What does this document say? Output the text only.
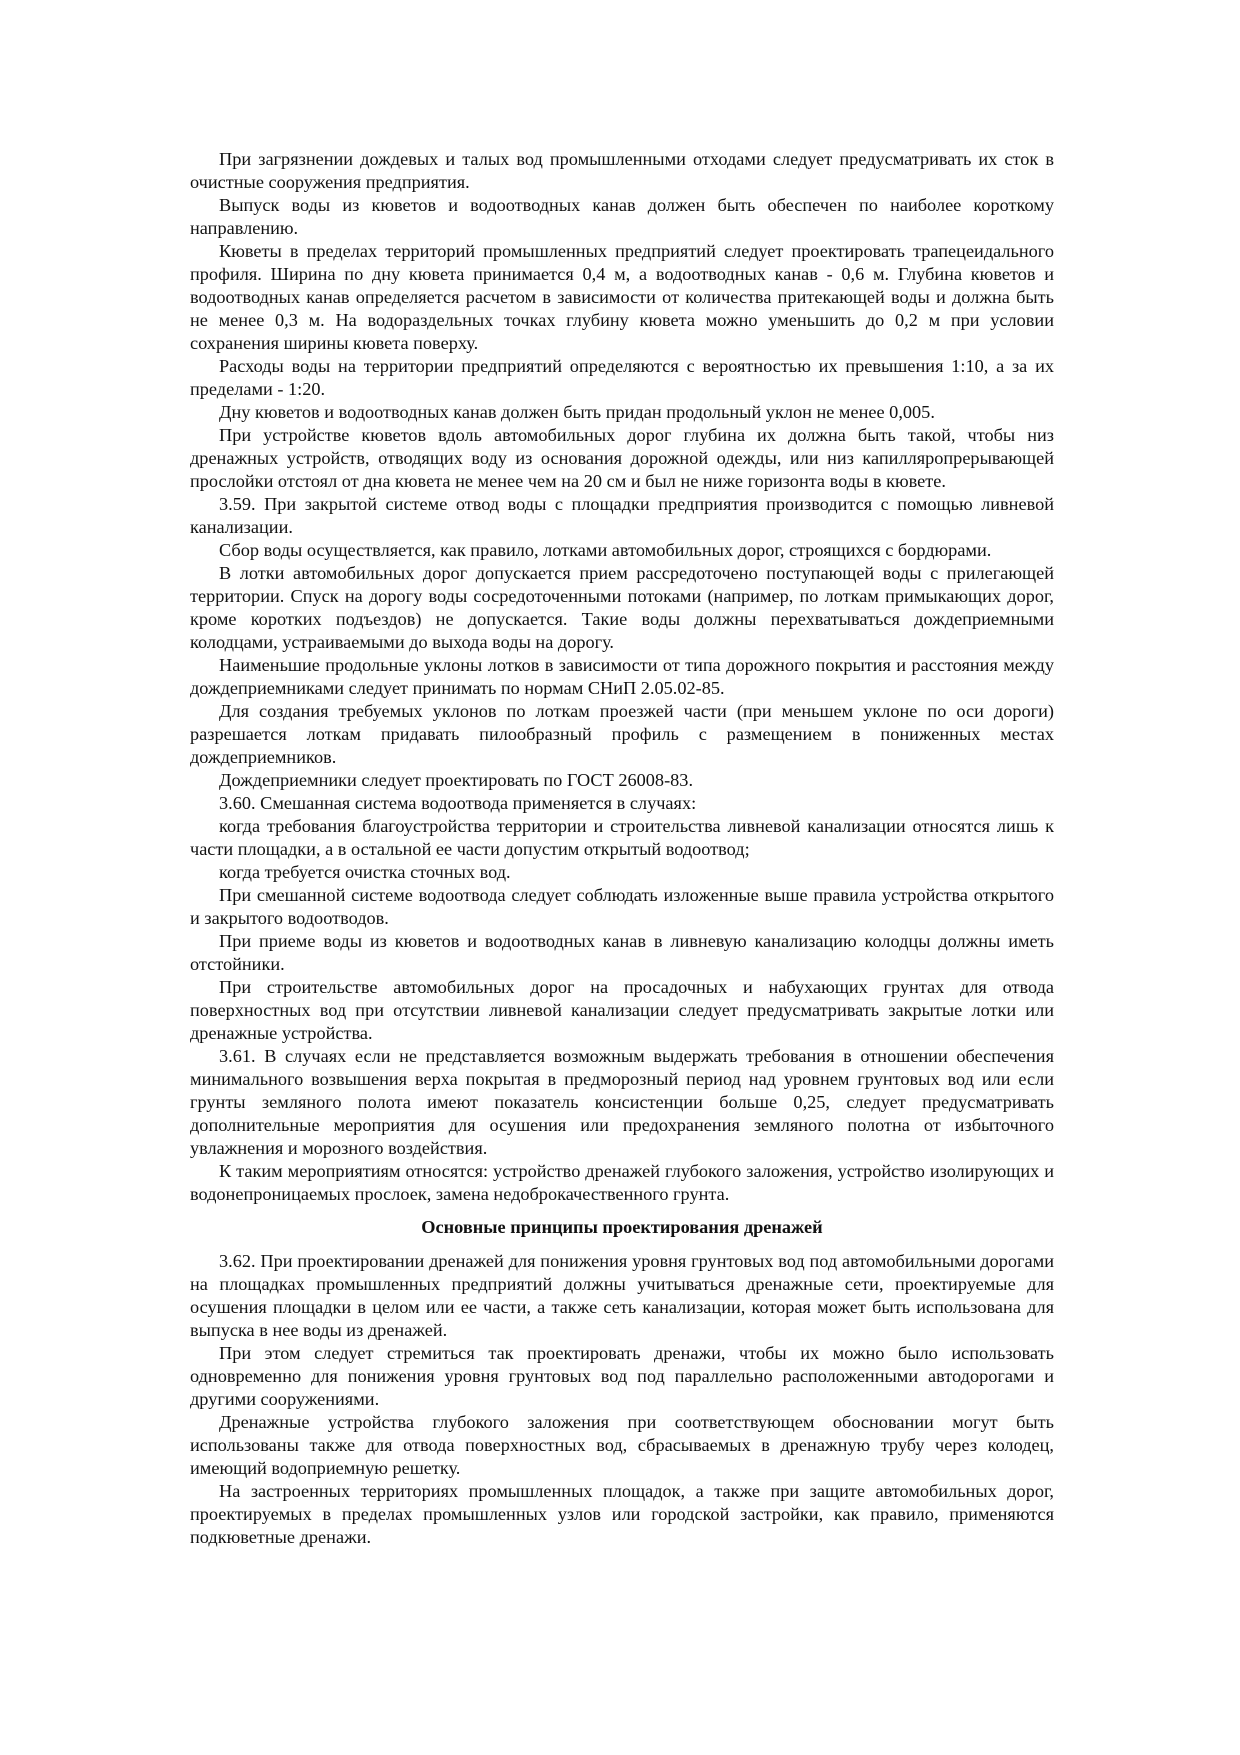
При загрязнении дождевых и талых вод промышленными отходами следует предусматривать их сток в очистные сооружения предприятия.

Выпуск воды из кюветов и водоотводных канав должен быть обеспечен по наиболее короткому направлению.

Кюветы в пределах территорий промышленных предприятий следует проектировать трапецеидального профиля. Ширина по дну кювета принимается 0,4 м, а водоотводных канав - 0,6 м. Глубина кюветов и водоотводных канав определяется расчетом в зависимости от количества притекающей воды и должна быть не менее 0,3 м. На водораздельных точках глубину кювета можно уменьшить до 0,2 м при условии сохранения ширины кювета поверху.

Расходы воды на территории предприятий определяются с вероятностью их превышения 1:10, а за их пределами - 1:20.

Дну кюветов и водоотводных канав должен быть придан продольный уклон не менее 0,005.

При устройстве кюветов вдоль автомобильных дорог глубина их должна быть такой, чтобы низ дренажных устройств, отводящих воду из основания дорожной одежды, или низ капилляропрерывающей прослойки отстоял от дна кювета не менее чем на 20 см и был не ниже горизонта воды в кювете.

3.59. При закрытой системе отвод воды с площадки предприятия производится с помощью ливневой канализации.

Сбор воды осуществляется, как правило, лотками автомобильных дорог, строящихся с бордюрами.

В лотки автомобильных дорог допускается прием рассредоточено поступающей воды с прилегающей территории. Спуск на дорогу воды сосредоточенными потоками (например, по лоткам примыкающих дорог, кроме коротких подъездов) не допускается. Такие воды должны перехватываться дождеприемными колодцами, устраиваемыми до выхода воды на дорогу.

Наименьшие продольные уклоны лотков в зависимости от типа дорожного покрытия и расстояния между дождеприемниками следует принимать по нормам СНиП 2.05.02-85.

Для создания требуемых уклонов по лоткам проезжей части (при меньшем уклоне по оси дороги) разрешается лоткам придавать пилообразный профиль с размещением в пониженных местах дождеприемников.

Дождеприемники следует проектировать по ГОСТ 26008-83.

3.60. Смешанная система водоотвода применяется в случаях:

когда требования благоустройства территории и строительства ливневой канализации относятся лишь к части площадки, а в остальной ее части допустим открытый водоотвод;

когда требуется очистка сточных вод.

При смешанной системе водоотвода следует соблюдать изложенные выше правила устройства открытого и закрытого водоотводов.

При приеме воды из кюветов и водоотводных канав в ливневую канализацию колодцы должны иметь отстойники.

При строительстве автомобильных дорог на просадочных и набухающих грунтах для отвода поверхностных вод при отсутствии ливневой канализации следует предусматривать закрытые лотки или дренажные устройства.

3.61. В случаях если не представляется возможным выдержать требования в отношении обеспечения минимального возвышения верха покрытая в предморозный период над уровнем грунтовых вод или если грунты земляного полота имеют показатель консистенции больше 0,25, следует предусматривать дополнительные мероприятия для осушения или предохранения земляного полотна от избыточного увлажнения и морозного воздействия.

К таким мероприятиям относятся: устройство дренажей глубокого заложения, устройство изолирующих и водонепроницаемых прослоек, замена недоброкачественного грунта.

Основные принципы проектирования дренажей

3.62. При проектировании дренажей для понижения уровня грунтовых вод под автомобильными дорогами на площадках промышленных предприятий должны учитываться дренажные сети, проектируемые для осушения площадки в целом или ее части, а также сеть канализации, которая может быть использована для выпуска в нее воды из дренажей.

При этом следует стремиться так проектировать дренажи, чтобы их можно было использовать одновременно для понижения уровня грунтовых вод под параллельно расположенными автодорогами и другими сооружениями.

Дренажные устройства глубокого заложения при соответствующем обосновании могут быть использованы также для отвода поверхностных вод, сбрасываемых в дренажную трубу через колодец, имеющий водоприемную решетку.

На застроенных территориях промышленных площадок, а также при защите автомобильных дорог, проектируемых в пределах промышленных узлов или городской застройки, как правило, применяются подкюветные дренажи.
